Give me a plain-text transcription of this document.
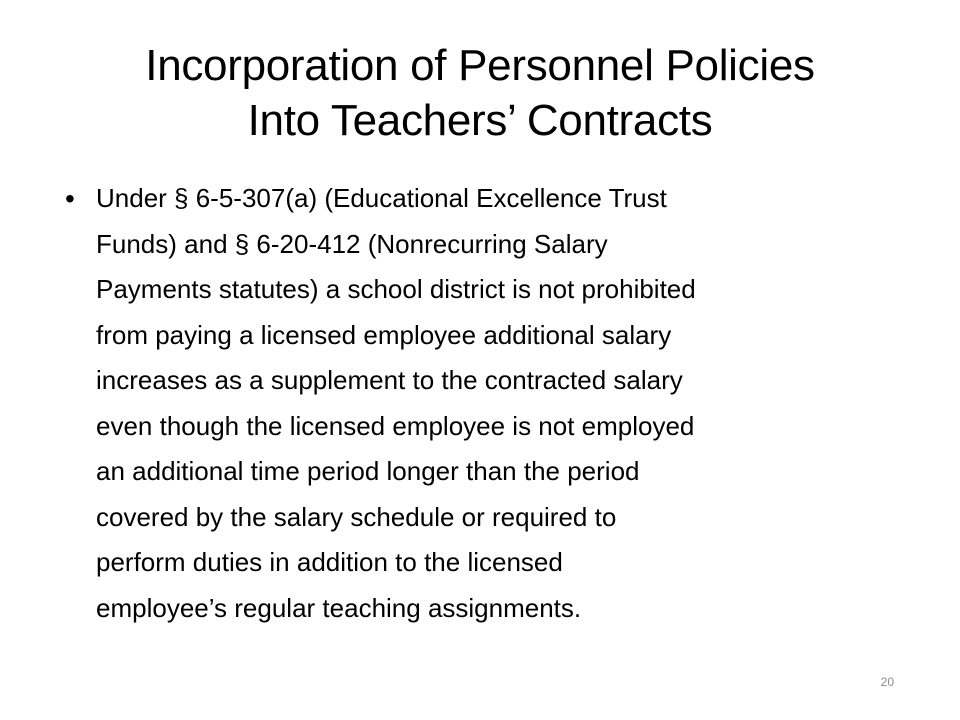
Incorporation of Personnel Policies
Into Teachers’ Contracts
• Under § 6-5-307(a) (Educational Excellence Trust
Funds) and § 6-20-412 (Nonrecurring Salary
Payments statutes) a school district is not prohibited
from paying a licensed employee additional salary
increases as a supplement to the contracted salary
even though the licensed employee is not employed
an additional time period longer than the period
covered by the salary schedule or required to
perform duties in addition to the licensed
employee’s regular teaching assignments.

20
